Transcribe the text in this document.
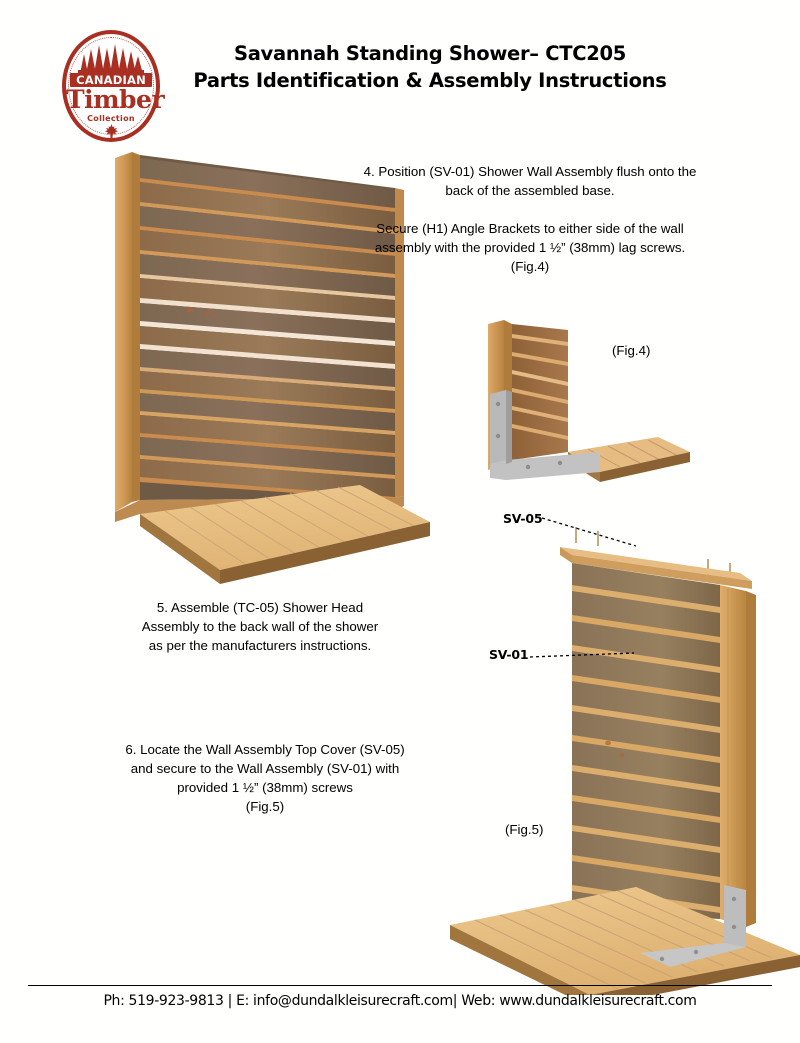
CANADIAN
Timber
Collection
Savannah Standing Shower– CTC205
Parts Identification & Assembly Instructions

4. Position (SV-01) Shower Wall Assembly flush onto the

back of the assembled base.

Secure (H1) Angle Brackets to either side of the wall

assembly with the provided 1 ½” (38mm) lag screws.

(Fig.4)

5. Assemble (TC-05) Shower Head

Assembly to the back wall of the shower

as per the manufacturers instructions.

6. Locate the Wall Assembly Top Cover (SV-05)

and secure to the Wall Assembly (SV-01) with

provided 1 ½” (38mm) screws

(Fig.5)

(Fig.4)
(Fig.5)
SV-05
SV-01
Ph: 519-923-9813 | E: info@dundalkleisurecraft.com| Web: www.dundalkleisurecraft.com
